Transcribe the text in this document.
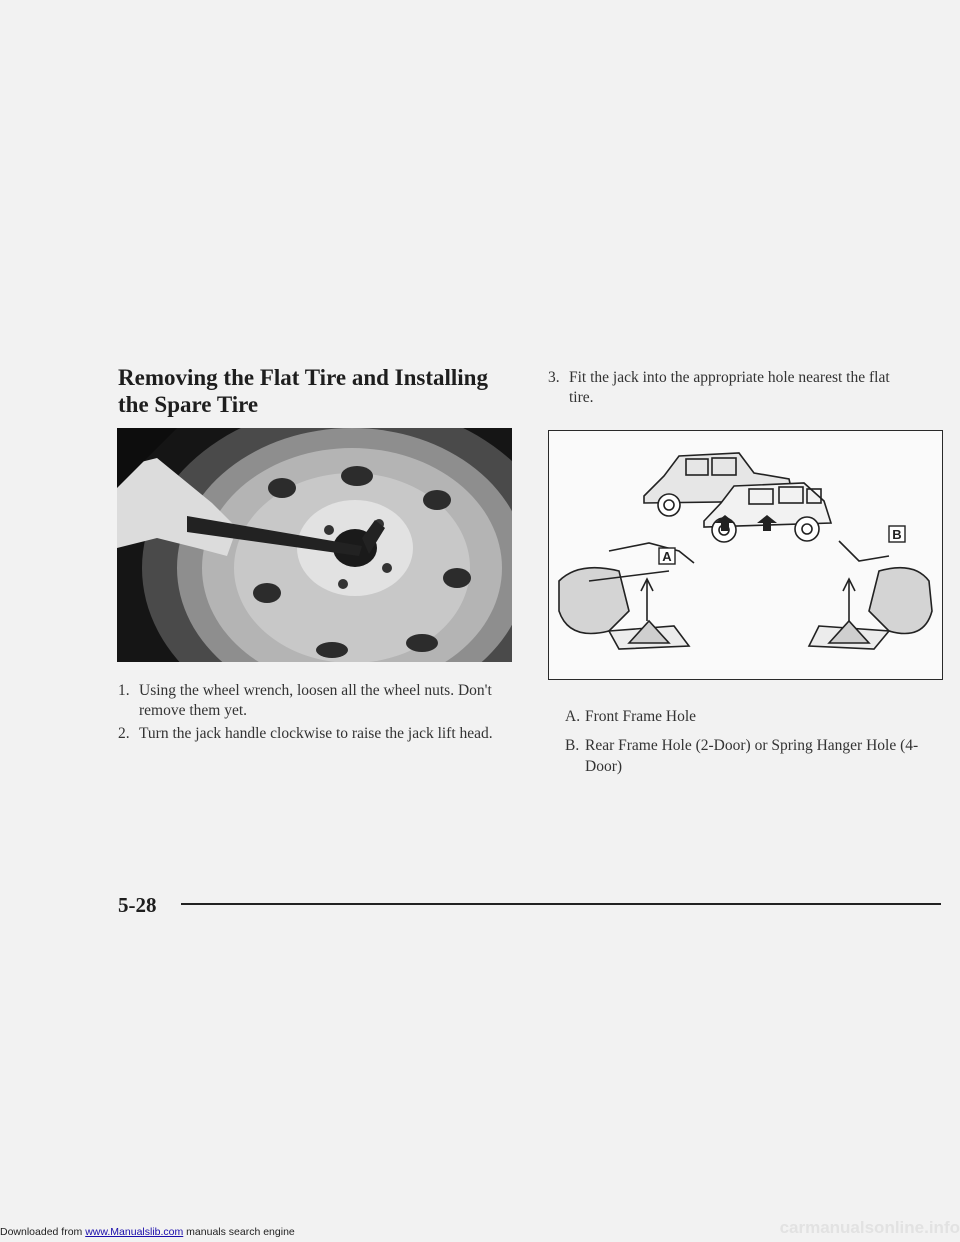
Removing the Flat Tire and Installing the Spare Tire
1. Using the wheel wrench, loosen all the wheel nuts. Don't remove them yet.
2. Turn the jack handle clockwise to raise the jack lift head.
3. Fit the jack into the appropriate hole nearest the flat tire.
A
B
A. Front Frame Hole
B. Rear Frame Hole (2-Door) or Spring Hanger Hole (4-Door)
5-28
Downloaded from www.Manualslib.com manuals search engine	carmanualsonline.info
